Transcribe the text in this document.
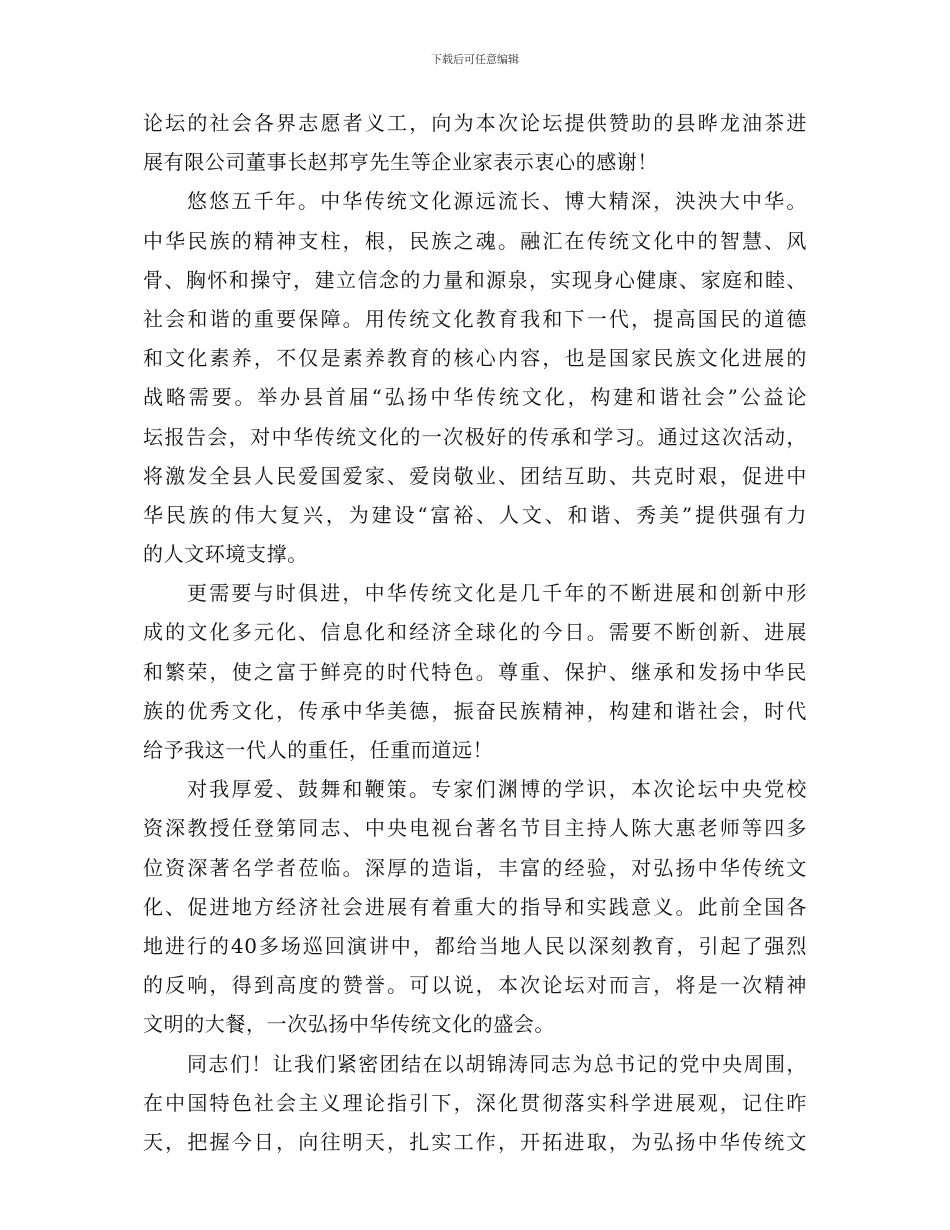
下载后可任意编辑
论坛的社会各界志愿者义工，向为本次论坛提供赞助的县晔龙油茶进
展有限公司董事长赵邦亨先生等企业家表示衷心的感谢！
悠悠五千年。中华传统文化源远流长、博大精深，泱泱大中华。
中华民族的精神支柱，根，民族之魂。融汇在传统文化中的智慧、风
骨、胸怀和操守，建立信念的力量和源泉，实现身心健康、家庭和睦、
社会和谐的重要保障。用传统文化教育我和下一代，提高国民的道德
和文化素养，不仅是素养教育的核心内容，也是国家民族文化进展的
战略需要。举办县首届“弘扬中华传统文化，构建和谐社会”公益论
坛报告会，对中华传统文化的一次极好的传承和学习。通过这次活动，
将激发全县人民爱国爱家、爱岗敬业、团结互助、共克时艰，促进中
华民族的伟大复兴，为建设“富裕、人文、和谐、秀美”提供强有力
的人文环境支撑。
更需要与时俱进，中华传统文化是几千年的不断进展和创新中形
成的文化多元化、信息化和经济全球化的今日。需要不断创新、进展
和繁荣，使之富于鲜亮的时代特色。尊重、保护、继承和发扬中华民
族的优秀文化，传承中华美德，振奋民族精神，构建和谐社会，时代
给予我这一代人的重任，任重而道远！
对我厚爱、鼓舞和鞭策。专家们渊博的学识，本次论坛中央党校
资深教授任登第同志、中央电视台著名节目主持人陈大惠老师等四多
位资深著名学者莅临。深厚的造诣，丰富的经验，对弘扬中华传统文
化、促进地方经济社会进展有着重大的指导和实践意义。此前全国各
地进行的40多场巡回演讲中，都给当地人民以深刻教育，引起了强烈
的反响，得到高度的赞誉。可以说，本次论坛对而言，将是一次精神
文明的大餐，一次弘扬中华传统文化的盛会。
同志们！让我们紧密团结在以胡锦涛同志为总书记的党中央周围，
在中国特色社会主义理论指引下，深化贯彻落实科学进展观，记住昨
天，把握今日，向往明天，扎实工作，开拓进取，为弘扬中华传统文
